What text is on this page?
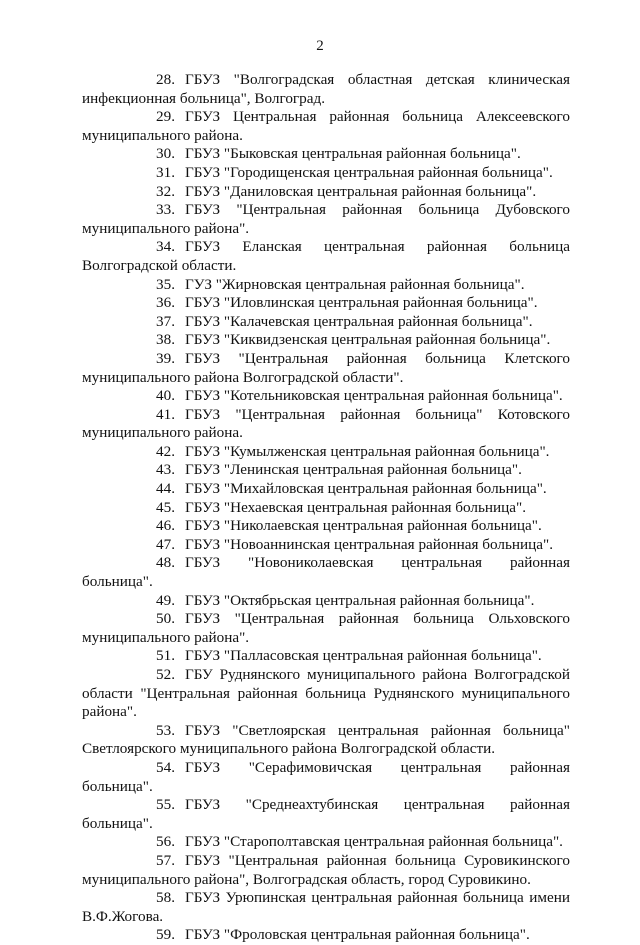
2

28. ГБУЗ "Волгоградская областная детская клиническая инфекционная больница", Волгоград.

29. ГБУЗ Центральная районная больница Алексеевского муниципального района.

30. ГБУЗ "Быковская центральная районная больница".

31. ГБУЗ "Городищенская центральная районная больница".

32. ГБУЗ "Даниловская центральная районная больница".

33. ГБУЗ "Центральная районная больница Дубовского муниципального района".

34. ГБУЗ Еланская центральная районная больница Волгоградской области.

35. ГУЗ "Жирновская центральная районная больница".

36. ГБУЗ "Иловлинская центральная районная больница".

37. ГБУЗ "Калачевская центральная районная больница".

38. ГБУЗ "Киквидзенская центральная районная больница".

39. ГБУЗ "Центральная районная больница Клетского муниципального района Волгоградской области".

40. ГБУЗ "Котельниковская центральная районная больница".

41. ГБУЗ "Центральная районная больница" Котовского муниципального района.

42. ГБУЗ "Кумылженская центральная районная больница".

43. ГБУЗ "Ленинская центральная районная больница".

44. ГБУЗ "Михайловская центральная районная больница".

45. ГБУЗ "Нехаевская центральная районная больница".

46. ГБУЗ "Николаевская центральная районная больница".

47. ГБУЗ "Новоаннинская центральная районная больница".

48. ГБУЗ "Новониколаевская центральная районная больница".

49. ГБУЗ "Октябрьская центральная районная больница".

50. ГБУЗ "Центральная районная больница Ольховского муниципального района".

51. ГБУЗ "Палласовская центральная районная больница".

52. ГБУ Руднянского муниципального района Волгоградской области "Центральная районная больница Руднянского муниципального района".

53. ГБУЗ "Светлоярская центральная районная больница" Светлоярского муниципального района Волгоградской области.

54. ГБУЗ "Серафимовичская центральная районная больница".

55. ГБУЗ "Среднеахтубинская центральная районная больница".

56. ГБУЗ "Старополтавская центральная районная больница".

57. ГБУЗ "Центральная районная больница Суровикинского муниципального района", Волгоградская область, город Суровикино.

58. ГБУЗ Урюпинская центральная районная больница имени В.Ф.Жогова.

59. ГБУЗ "Фроловская центральная районная больница".
